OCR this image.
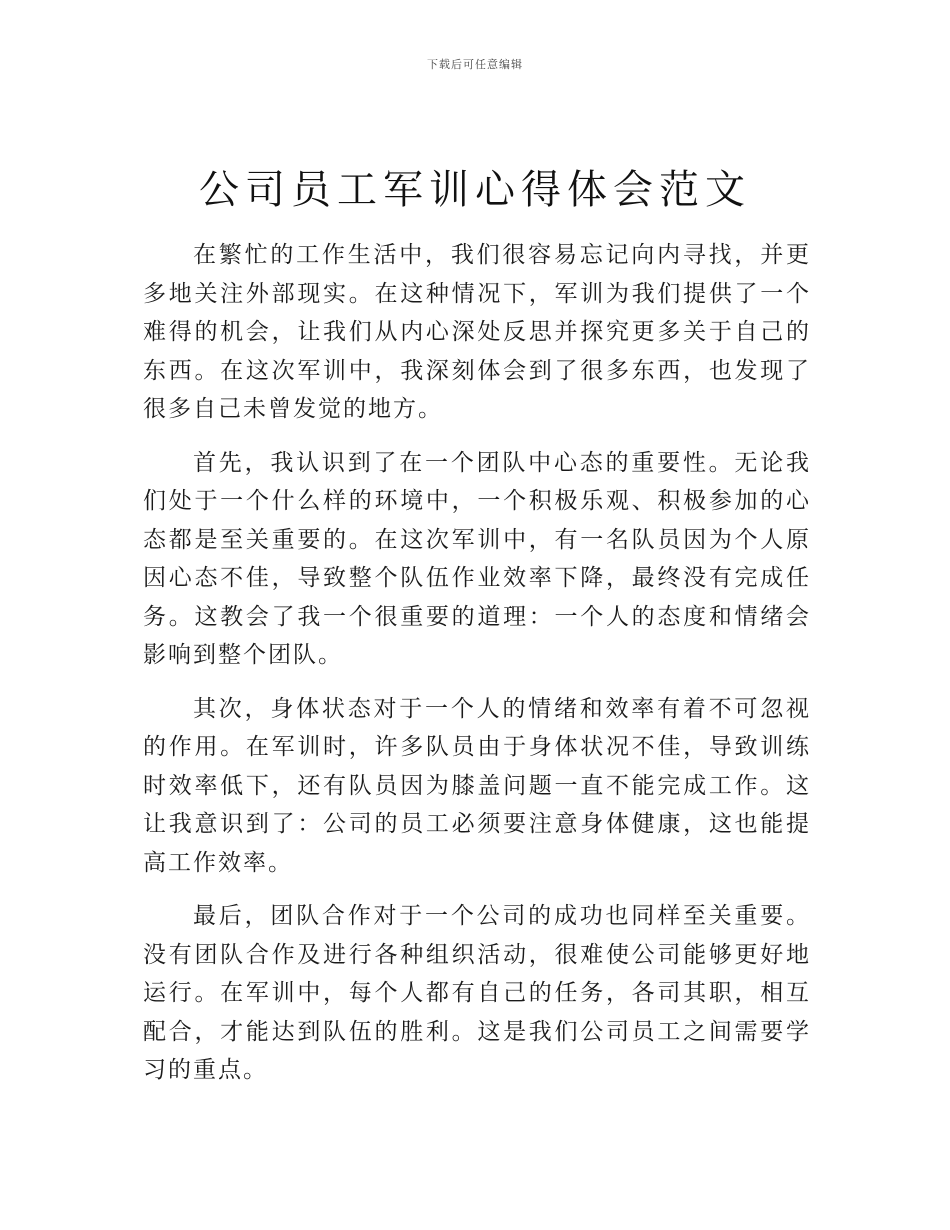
下载后可任意编辑
公司员工军训心得体会范文

在繁忙的工作生活中，我们很容易忘记向内寻找，并更多地关注外部现实。在这种情况下，军训为我们提供了一个难得的机会，让我们从内心深处反思并探究更多关于自己的东西。在这次军训中，我深刻体会到了很多东西，也发现了很多自己未曾发觉的地方。

首先，我认识到了在一个团队中心态的重要性。无论我们处于一个什么样的环境中，一个积极乐观、积极参加的心态都是至关重要的。在这次军训中，有一名队员因为个人原因心态不佳，导致整个队伍作业效率下降，最终没有完成任务。这教会了我一个很重要的道理：一个人的态度和情绪会影响到整个团队。

其次，身体状态对于一个人的情绪和效率有着不可忽视的作用。在军训时，许多队员由于身体状况不佳，导致训练时效率低下，还有队员因为膝盖问题一直不能完成工作。这让我意识到了：公司的员工必须要注意身体健康，这也能提高工作效率。

最后，团队合作对于一个公司的成功也同样至关重要。没有团队合作及进行各种组织活动，很难使公司能够更好地运行。在军训中，每个人都有自己的任务，各司其职，相互配合，才能达到队伍的胜利。这是我们公司员工之间需要学习的重点。
